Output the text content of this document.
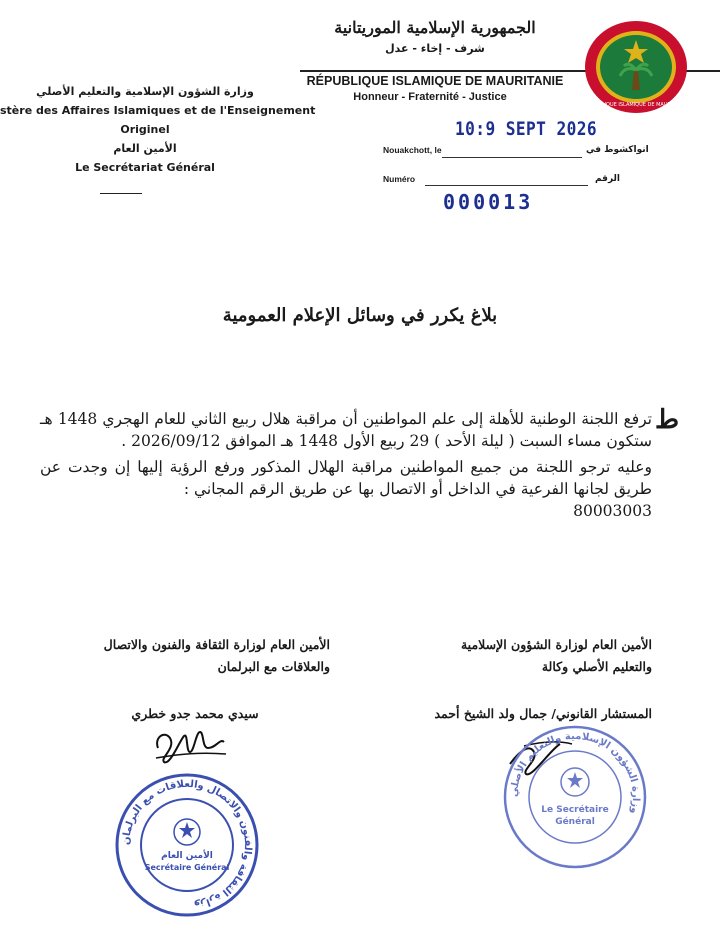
الجمهورية الإسلامية الموريتانية
شرف - إخاء - عدل
RÉPUBLIQUE ISLAMIQUE DE MAURITANIE
Honneur - Fraternité - Justice
RÉPUBLIQUE ISLAMIQUE DE MAURITANIE
وزارة الشؤون الإسلامية والتعليم الأصلي
stère des Affaires Islamiques et de l'Enseignement
Originel
الأمين العام
Le Secrétariat Général
Nouakchott, le	انواكشوط في
10:9 SEPT 2026
Numéro	الرقم
000013
بلاغ يكرر في وسائل الإعلام العمومية
ط

ترفع اللجنة الوطنية للأهلة إلى علم المواطنين أن مراقبة هلال ربيع الثاني للعام الهجري 1448 هـ ستكون مساء السبت ( ليلة الأحد ) 29 ربيع الأول 1448 هـ الموافق 2026/09/12 .

وعليه ترجو اللجنة من جميع المواطنين مراقبة الهلال المذكور ورفع الرؤية إليها إن وجدت عن طريق لجانها الفرعية في الداخل أو الاتصال بها عن طريق الرقم المجاني :

80003003

الأمين العام لوزارة الشؤون الإسلامية
والتعليم الأصلي وكالة
المستشار القانوني/ جمال ولد الشيخ أحمد
الأمين العام لوزارة الثقافة والفنون والاتصال
والعلاقات مع البرلمان
سيدي محمد جدو خطري
وزارة الثقافة والفنون والاتصال والعلاقات مع البرلمان
الأمين العام
Secrétaire Général
وزارة الشؤون الإسلامية والتعليم الأصلي
Le Secrétaire
Général
